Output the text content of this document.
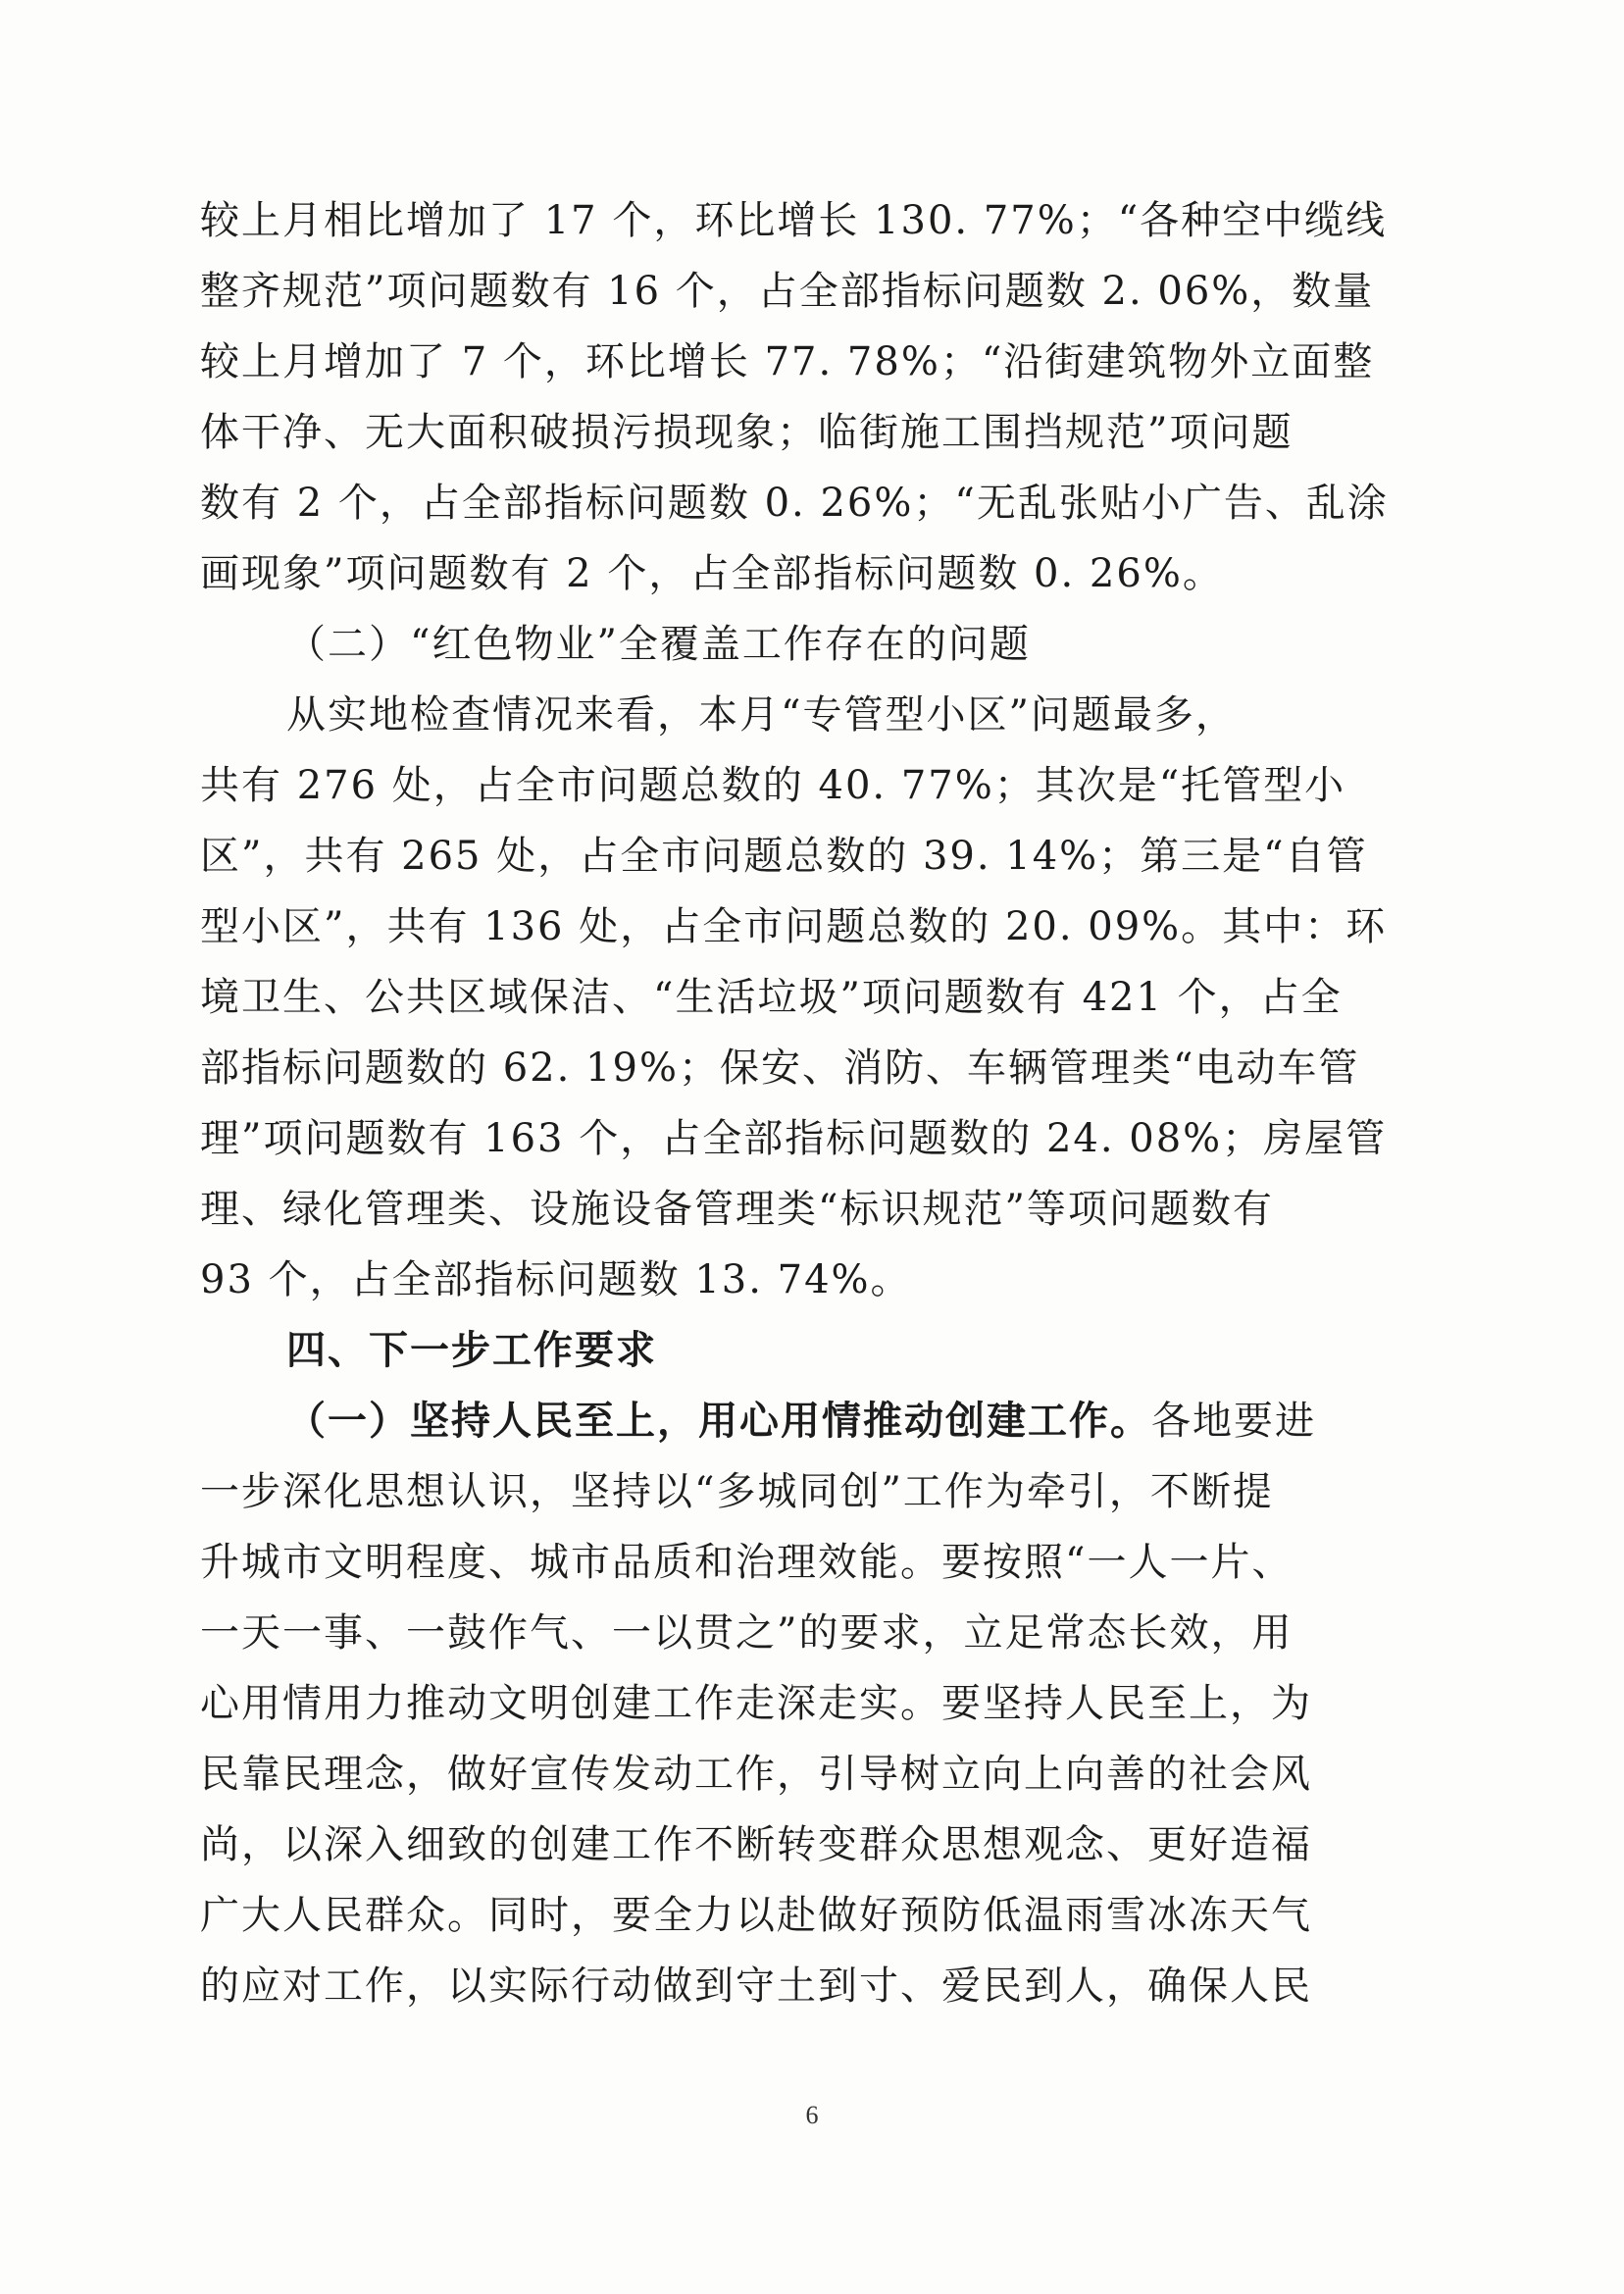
较上月相比增加了 17 个，环比增长 130. 77%；“各种空中缆线
整齐规范”项问题数有 16 个，占全部指标问题数 2. 06%，数量
较上月增加了 7 个，环比增长 77. 78%；“沿街建筑物外立面整
体干净、无大面积破损污损现象；临街施工围挡规范”项问题
数有 2 个，占全部指标问题数 0. 26%；“无乱张贴小广告、乱涂
画现象”项问题数有 2 个，占全部指标问题数 0. 26%。
（二）“红色物业”全覆盖工作存在的问题
从实地检查情况来看，本月“专管型小区”问题最多，
共有 276 处，占全市问题总数的 40. 77%；其次是“托管型小
区”，共有 265 处，占全市问题总数的 39. 14%；第三是“自管
型小区”，共有 136 处，占全市问题总数的 20. 09%。其中：环
境卫生、公共区域保洁、“生活垃圾”项问题数有 421 个，占全
部指标问题数的 62. 19%；保安、消防、车辆管理类“电动车管
理”项问题数有 163 个，占全部指标问题数的 24. 08%；房屋管
理、绿化管理类、设施设备管理类“标识规范”等项问题数有
93 个，占全部指标问题数 13. 74%。
四、下一步工作要求
（一）坚持人民至上，用心用情推动创建工作。各地要进
一步深化思想认识，坚持以“多城同创”工作为牵引，不断提
升城市文明程度、城市品质和治理效能。要按照“一人一片、
一天一事、一鼓作气、一以贯之”的要求，立足常态长效，用
心用情用力推动文明创建工作走深走实。要坚持人民至上，为
民靠民理念，做好宣传发动工作，引导树立向上向善的社会风
尚，以深入细致的创建工作不断转变群众思想观念、更好造福
广大人民群众。同时，要全力以赴做好预防低温雨雪冰冻天气
的应对工作，以实际行动做到守土到寸、爱民到人，确保人民
6
